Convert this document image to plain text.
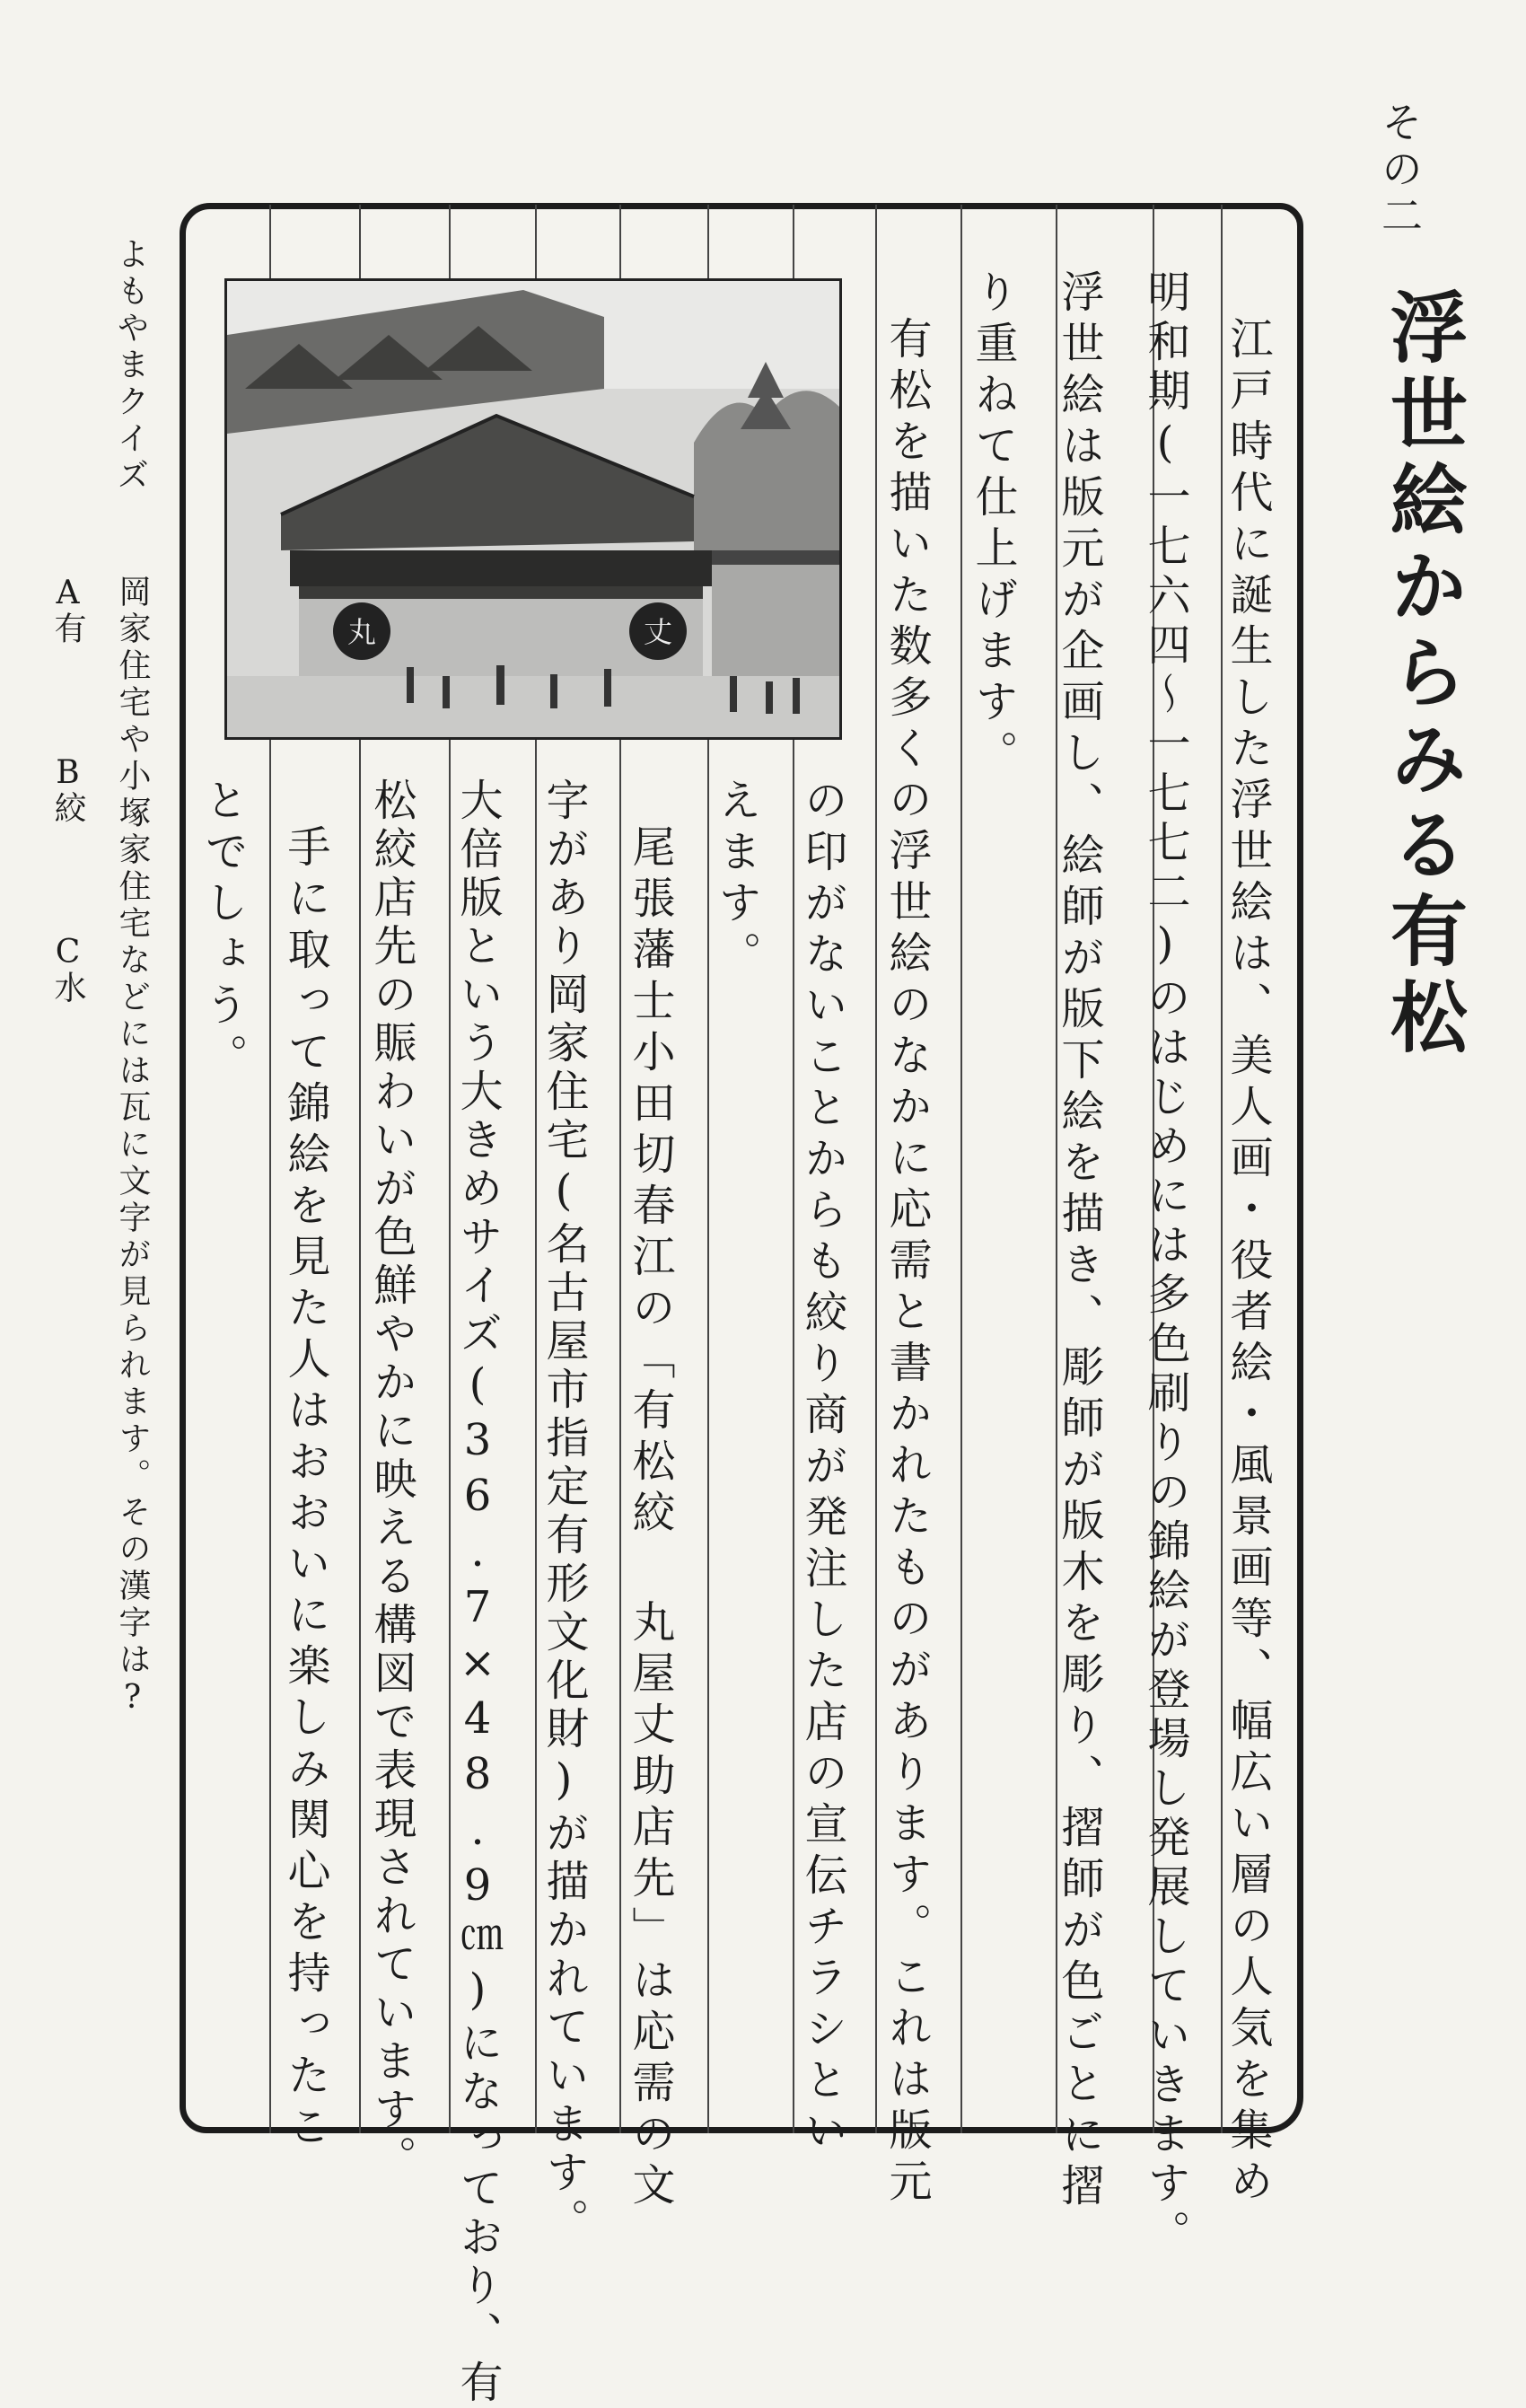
その二
浮世絵からみる有松
江戸時代に誕生した浮世絵は、美人画・役者絵・風景画等、幅広い層の人気を集め
明和期(一七六四〜一七七二)のはじめには多色刷りの錦絵が登場し発展していきます。
浮世絵は版元が企画し、絵師が版下絵を描き、彫師が版木を彫り、摺師が色ごとに摺
り重ねて仕上げます。
有松を描いた数多くの浮世絵のなかに応需と書かれたものがあります。これは版元
の印がないことからも絞り商が発注した店の宣伝チラシとい
えます。
尾張藩士小田切春江の「有松絞 丸屋丈助店先」は応需の文
字があり岡家住宅(名古屋市指定有形文化財)が描かれています。
大倍版という大きめサイズ(36.7×48.9㎝)になっており、有
松絞店先の賑わいが色鮮やかに映える構図で表現されています。
手に取って錦絵を見た人はおおいに楽しみ関心を持ったこ
とでしょう。
丸	丈
よもやまクイズ
岡家住宅や小塚家住宅などには瓦に文字が見られます。その漢字は?
A有
B絞
C水
